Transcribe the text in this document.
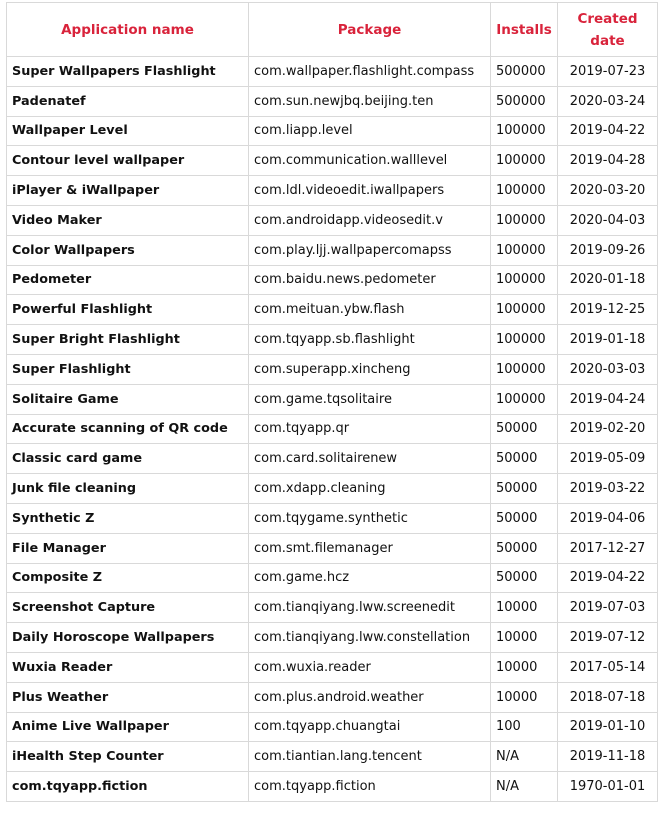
Application name	Package	Installs	Created date
Super Wallpapers Flashlight	com.wallpaper.flashlight.compass	500000	2019-07-23
Padenatef	com.sun.newjbq.beijing.ten	500000	2020-03-24
Wallpaper Level	com.liapp.level	100000	2019-04-22
Contour level wallpaper	com.communication.walllevel	100000	2019-04-28
iPlayer & iWallpaper	com.ldl.videoedit.iwallpapers	100000	2020-03-20
Video Maker	com.androidapp.videosedit.v	100000	2020-04-03
Color Wallpapers	com.play.ljj.wallpapercomapss	100000	2019-09-26
Pedometer	com.baidu.news.pedometer	100000	2020-01-18
Powerful Flashlight	com.meituan.ybw.flash	100000	2019-12-25
Super Bright Flashlight	com.tqyapp.sb.flashlight	100000	2019-01-18
Super Flashlight	com.superapp.xincheng	100000	2020-03-03
Solitaire Game	com.game.tqsolitaire	100000	2019-04-24
Accurate scanning of QR code	com.tqyapp.qr	50000	2019-02-20
Classic card game	com.card.solitairenew	50000	2019-05-09
Junk file cleaning	com.xdapp.cleaning	50000	2019-03-22
Synthetic Z	com.tqygame.synthetic	50000	2019-04-06
File Manager	com.smt.filemanager	50000	2017-12-27
Composite Z	com.game.hcz	50000	2019-04-22
Screenshot Capture	com.tianqiyang.lww.screenedit	10000	2019-07-03
Daily Horoscope Wallpapers	com.tianqiyang.lww.constellation	10000	2019-07-12
Wuxia Reader	com.wuxia.reader	10000	2017-05-14
Plus Weather	com.plus.android.weather	10000	2018-07-18
Anime Live Wallpaper	com.tqyapp.chuangtai	100	2019-01-10
iHealth Step Counter	com.tiantian.lang.tencent	N/A	2019-11-18
com.tqyapp.fiction	com.tqyapp.fiction	N/A	1970-01-01
